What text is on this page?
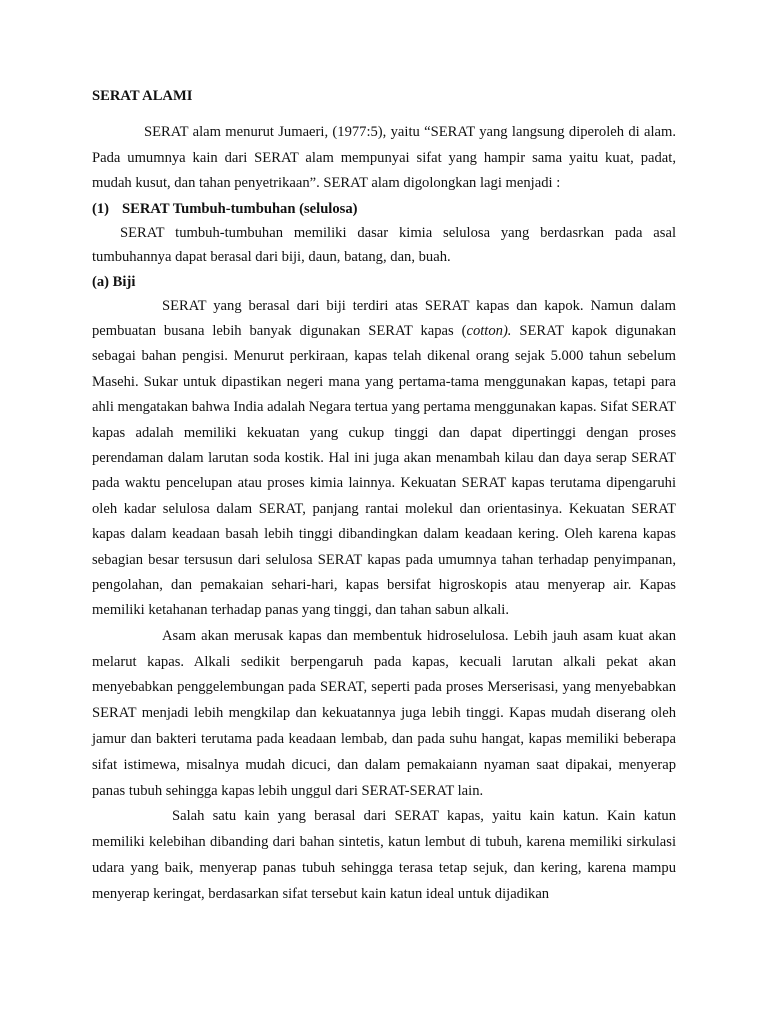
SERAT ALAMI

SERAT alam menurut Jumaeri, (1977:5), yaitu “SERAT yang langsung diperoleh di alam. Pada umumnya kain dari SERAT alam mempunyai sifat yang hampir sama yaitu kuat, padat, mudah kusut, dan tahan penyetrikaan”. SERAT alam digolongkan lagi menjadi :

(1) SERAT Tumbuh-tumbuhan (selulosa)

SERAT tumbuh-tumbuhan memiliki dasar kimia selulosa yang berdasrkan pada asal tumbuhannya dapat berasal dari biji, daun, batang, dan, buah.

(a) Biji

SERAT yang berasal dari biji terdiri atas SERAT kapas dan kapok. Namun dalam pembuatan busana lebih banyak digunakan SERAT kapas (cotton). SERAT kapok digunakan sebagai bahan pengisi. Menurut perkiraan, kapas telah dikenal orang sejak 5.000 tahun sebelum Masehi. Sukar untuk dipastikan negeri mana yang pertama-tama menggunakan kapas, tetapi para ahli mengatakan bahwa India adalah Negara tertua yang pertama menggunakan kapas. Sifat SERAT kapas adalah memiliki kekuatan yang cukup tinggi dan dapat dipertinggi dengan proses perendaman dalam larutan soda kostik. Hal ini juga akan menambah kilau dan daya serap SERAT pada waktu pencelupan atau proses kimia lainnya. Kekuatan SERAT kapas terutama dipengaruhi oleh kadar selulosa dalam SERAT, panjang rantai molekul dan orientasinya. Kekuatan SERAT kapas dalam keadaan basah lebih tinggi dibandingkan dalam keadaan kering. Oleh karena kapas sebagian besar tersusun dari selulosa SERAT kapas pada umumnya tahan terhadap penyimpanan, pengolahan, dan pemakaian sehari-hari, kapas bersifat higroskopis atau menyerap air. Kapas memiliki ketahanan terhadap panas yang tinggi, dan tahan sabun alkali.

Asam akan merusak kapas dan membentuk hidroselulosa. Lebih jauh asam kuat akan melarut kapas. Alkali sedikit berpengaruh pada kapas, kecuali larutan alkali pekat akan menyebabkan penggelembungan pada SERAT, seperti pada proses Merserisasi, yang menyebabkan SERAT menjadi lebih mengkilap dan kekuatannya juga lebih tinggi. Kapas mudah diserang oleh jamur dan bakteri terutama pada keadaan lembab, dan pada suhu hangat, kapas memiliki beberapa sifat istimewa, misalnya mudah dicuci, dan dalam pemakaiann nyaman saat dipakai, menyerap panas tubuh sehingga kapas lebih unggul dari SERAT-SERAT lain.

Salah satu kain yang berasal dari SERAT kapas, yaitu kain katun. Kain katun memiliki kelebihan dibanding dari bahan sintetis, katun lembut di tubuh, karena memiliki sirkulasi udara yang baik, menyerap panas tubuh sehingga terasa tetap sejuk, dan kering, karena mampu menyerap keringat, berdasarkan sifat tersebut kain katun ideal untuk dijadikan
